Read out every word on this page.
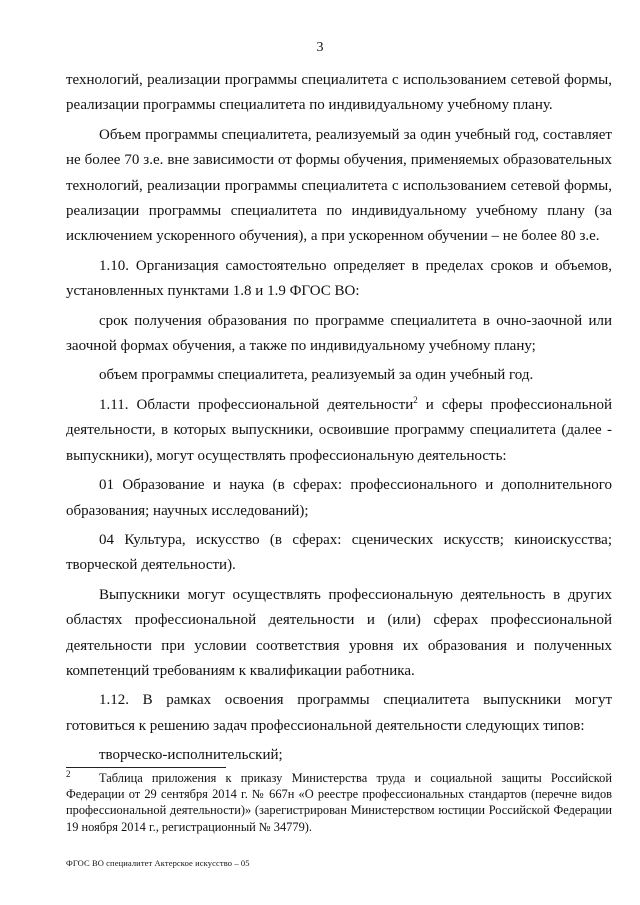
3

технологий, реализации программы специалитета с использованием сетевой формы, реализации программы специалитета по индивидуальному учебному плану.

Объем программы специалитета, реализуемый за один учебный год, составляет не более 70 з.е. вне зависимости от формы обучения, применяемых образовательных технологий, реализации программы специалитета с использованием сетевой формы, реализации программы специалитета по индивидуальному учебному плану (за исключением ускоренного обучения), а при ускоренном обучении – не более 80 з.е.

1.10. Организация самостоятельно определяет в пределах сроков и объемов, установленных пунктами 1.8 и 1.9 ФГОС ВО:

срок получения образования по программе специалитета в очно-заочной или заочной формах обучения, а также по индивидуальному учебному плану;

объем программы специалитета, реализуемый за один учебный год.

1.11. Области профессиональной деятельности$^2$ и сферы профессиональной деятельности, в которых выпускники, освоившие программу специалитета (далее - выпускники), могут осуществлять профессиональную деятельность:

01 Образование и наука (в сферах: профессионального и дополнительного образования; научных исследований);

04 Культура, искусство (в сферах: сценических искусств; киноискусства; творческой деятельности).

Выпускники могут осуществлять профессиональную деятельность в других областях профессиональной деятельности и (или) сферах профессиональной деятельности при условии соответствия уровня их образования и полученных компетенций требованиям к квалификации работника.

1.12. В рамках освоения программы специалитета выпускники могут готовиться к решению задач профессиональной деятельности следующих типов:

творческо-исполнительский;

$^2$ Таблица приложения к приказу Министерства труда и социальной защиты Российской Федерации от 29 сентября 2014 г. № 667н «О реестре профессиональных стандартов (перечне видов профессиональной деятельности)» (зарегистрирован Министерством юстиции Российской Федерации 19 ноября 2014 г., регистрационный № 34779).
ФГОС ВО специалитет Актерское искусство – 05
